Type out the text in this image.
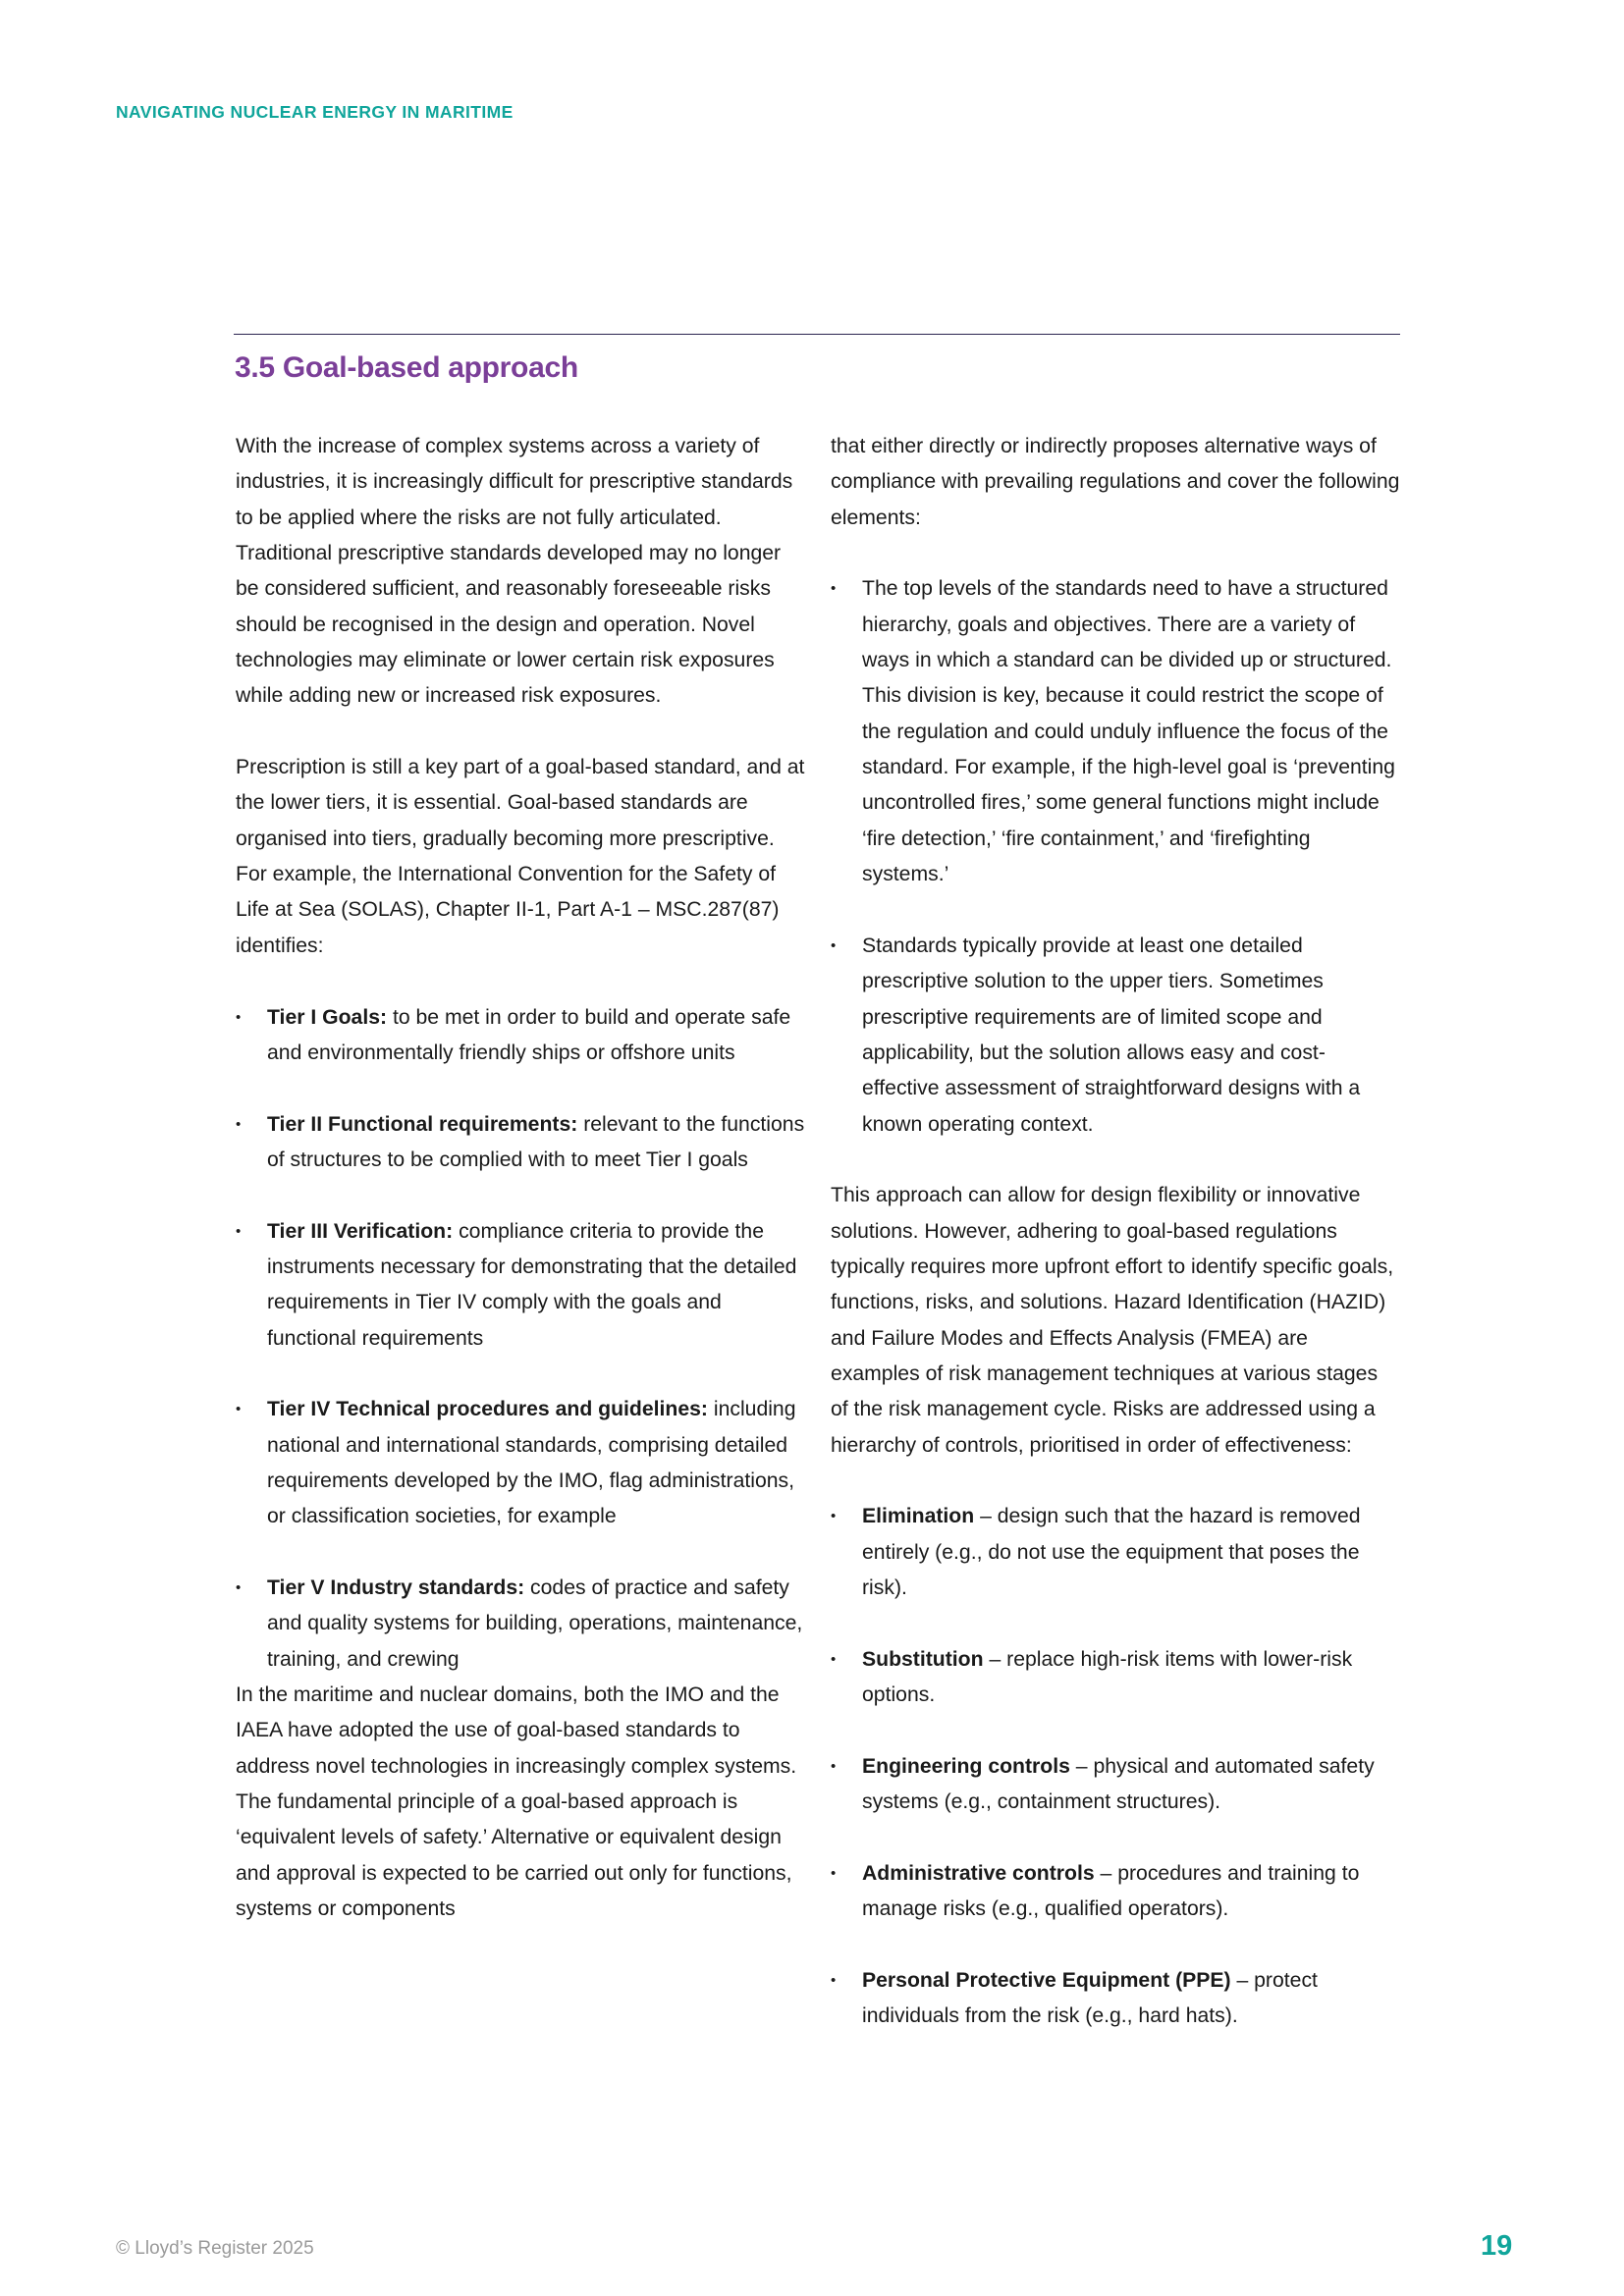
NAVIGATING NUCLEAR ENERGY IN MARITIME
3.5 Goal-based approach

With the increase of complex systems across a variety of industries, it is increasingly difficult for prescriptive standards to be applied where the risks are not fully articulated. Traditional prescriptive standards developed may no longer be considered sufficient, and reasonably foreseeable risks should be recognised in the design and operation. Novel technologies may eliminate or lower certain risk exposures while adding new or increased risk exposures.

Prescription is still a key part of a goal-based standard, and at the lower tiers, it is essential. Goal-based standards are organised into tiers, gradually becoming more prescriptive. For example, the International Convention for the Safety of Life at Sea (SOLAS), Chapter II-1, Part A-1 – MSC.287(87) identifies:

•	Tier I Goals: to be met in order to build and operate safe and environmentally friendly ships or offshore units
•	Tier II Functional requirements: relevant to the functions of structures to be complied with to meet Tier I goals
•	Tier III Verification: compliance criteria to provide the instruments necessary for demonstrating that the detailed requirements in Tier IV comply with the goals and functional requirements
•	Tier IV Technical procedures and guidelines: including national and international standards, comprising detailed requirements developed by the IMO, flag administrations, or classification societies, for example
•	Tier V Industry standards: codes of practice and safety and quality systems for building, operations, maintenance, training, and crewing

In the maritime and nuclear domains, both the IMO and the IAEA have adopted the use of goal-based standards to address novel technologies in increasingly complex systems. The fundamental principle of a goal-based approach is ‘equivalent levels of safety.’ Alternative or equivalent design and approval is expected to be carried out only for functions, systems or components

that either directly or indirectly proposes alternative ways of compliance with prevailing regulations and cover the following elements:

•	The top levels of the standards need to have a structured hierarchy, goals and objectives. There are a variety of ways in which a standard can be divided up or structured. This division is key, because it could restrict the scope of the regulation and could unduly influence the focus of the standard. For example, if the high-level goal is ‘preventing uncontrolled fires,’ some general functions might include ‘fire detection,’ ‘fire containment,’ and ‘firefighting systems.’
•	Standards typically provide at least one detailed prescriptive solution to the upper tiers. Sometimes prescriptive requirements are of limited scope and applicability, but the solution allows easy and cost-effective assessment of straightforward designs with a known operating context.

This approach can allow for design flexibility or innovative solutions. However, adhering to goal-based regulations typically requires more upfront effort to identify specific goals, functions, risks, and solutions. Hazard Identification (HAZID) and Failure Modes and Effects Analysis (FMEA) are examples of risk management techniques at various stages of the risk management cycle. Risks are addressed using a hierarchy of controls, prioritised in order of effectiveness:

•	Elimination – design such that the hazard is removed entirely (e.g., do not use the equipment that poses the risk).
•	Substitution – replace high-risk items with lower-risk options.
•	Engineering controls – physical and automated safety systems (e.g., containment structures).
•	Administrative controls – procedures and training to manage risks (e.g., qualified operators).
•	Personal Protective Equipment (PPE) – protect individuals from the risk (e.g., hard hats).
© Lloyd’s Register 2025	19
